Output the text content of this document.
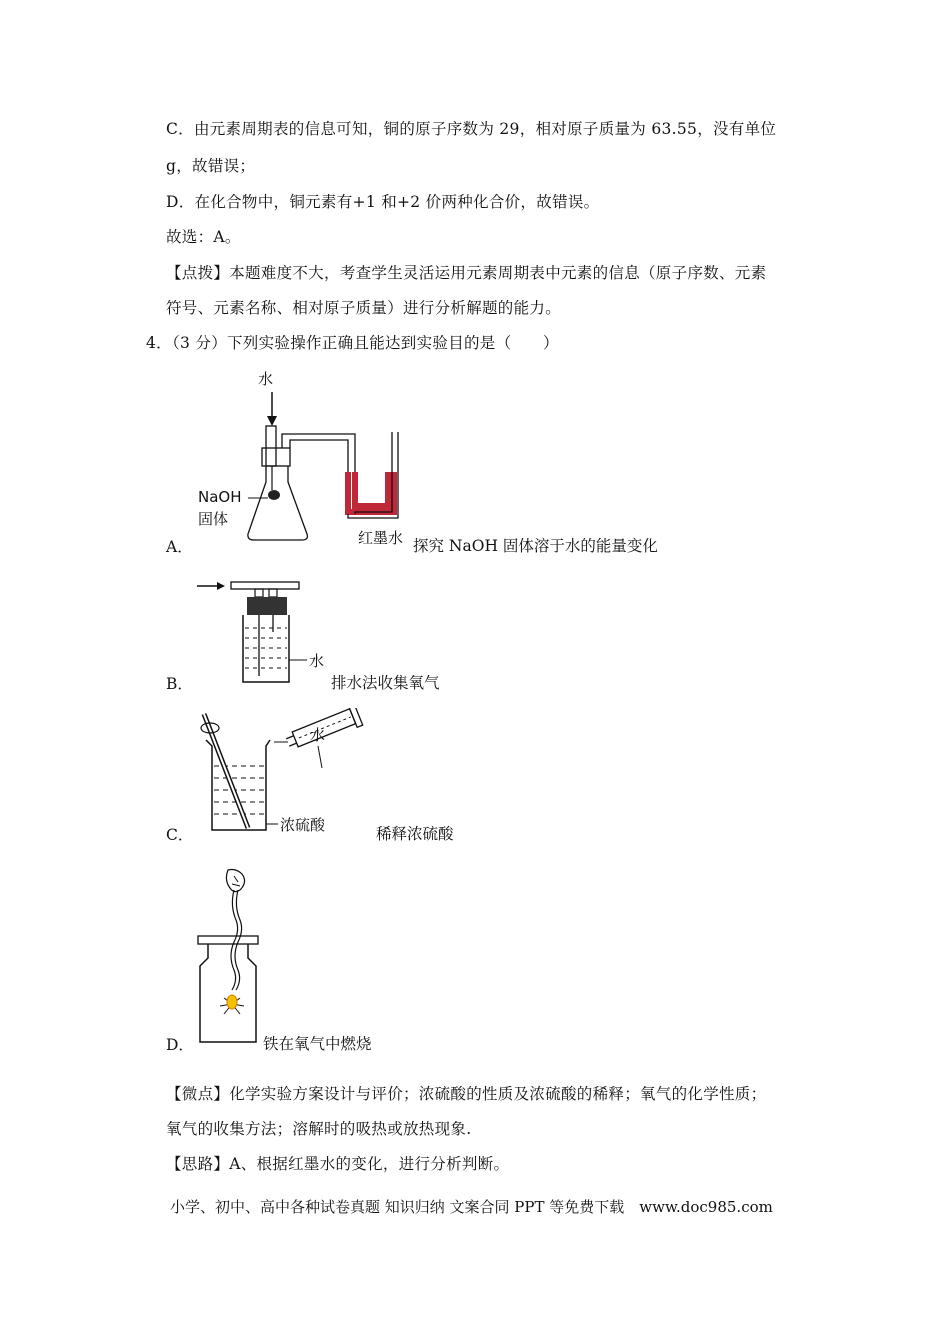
C．由元素周期表的信息可知，铜的原子序数为 29，相对原子质量为 63.55，没有单位
g，故错误；
D．在化合物中，铜元素有+1 和+2 价两种化合价，故错误。
故选：A。
【点拨】本题难度不大，考查学生灵活运用元素周期表中元素的信息（原子序数、元素
符号、元素名称、相对原子质量）进行分析解题的能力。
4．（3 分）下列实验操作正确且能达到实验目的是（　　）
A．
水
NaOH
固体
红墨水 探究 NaOH 固体溶于水的能量变化
B．
水
排水法收集氧气
C．
水
浓硫酸	稀释浓硫酸
D．	铁在氧气中燃烧
【微点】化学实验方案设计与评价；浓硫酸的性质及浓硫酸的稀释；氧气的化学性质；
氧气的收集方法；溶解时的吸热或放热现象.
【思路】A、根据红墨水的变化，进行分析判断。
小学、初中、高中各种试卷真题 知识归纳 文案合同 PPT 等免费下载　www.doc985.com
